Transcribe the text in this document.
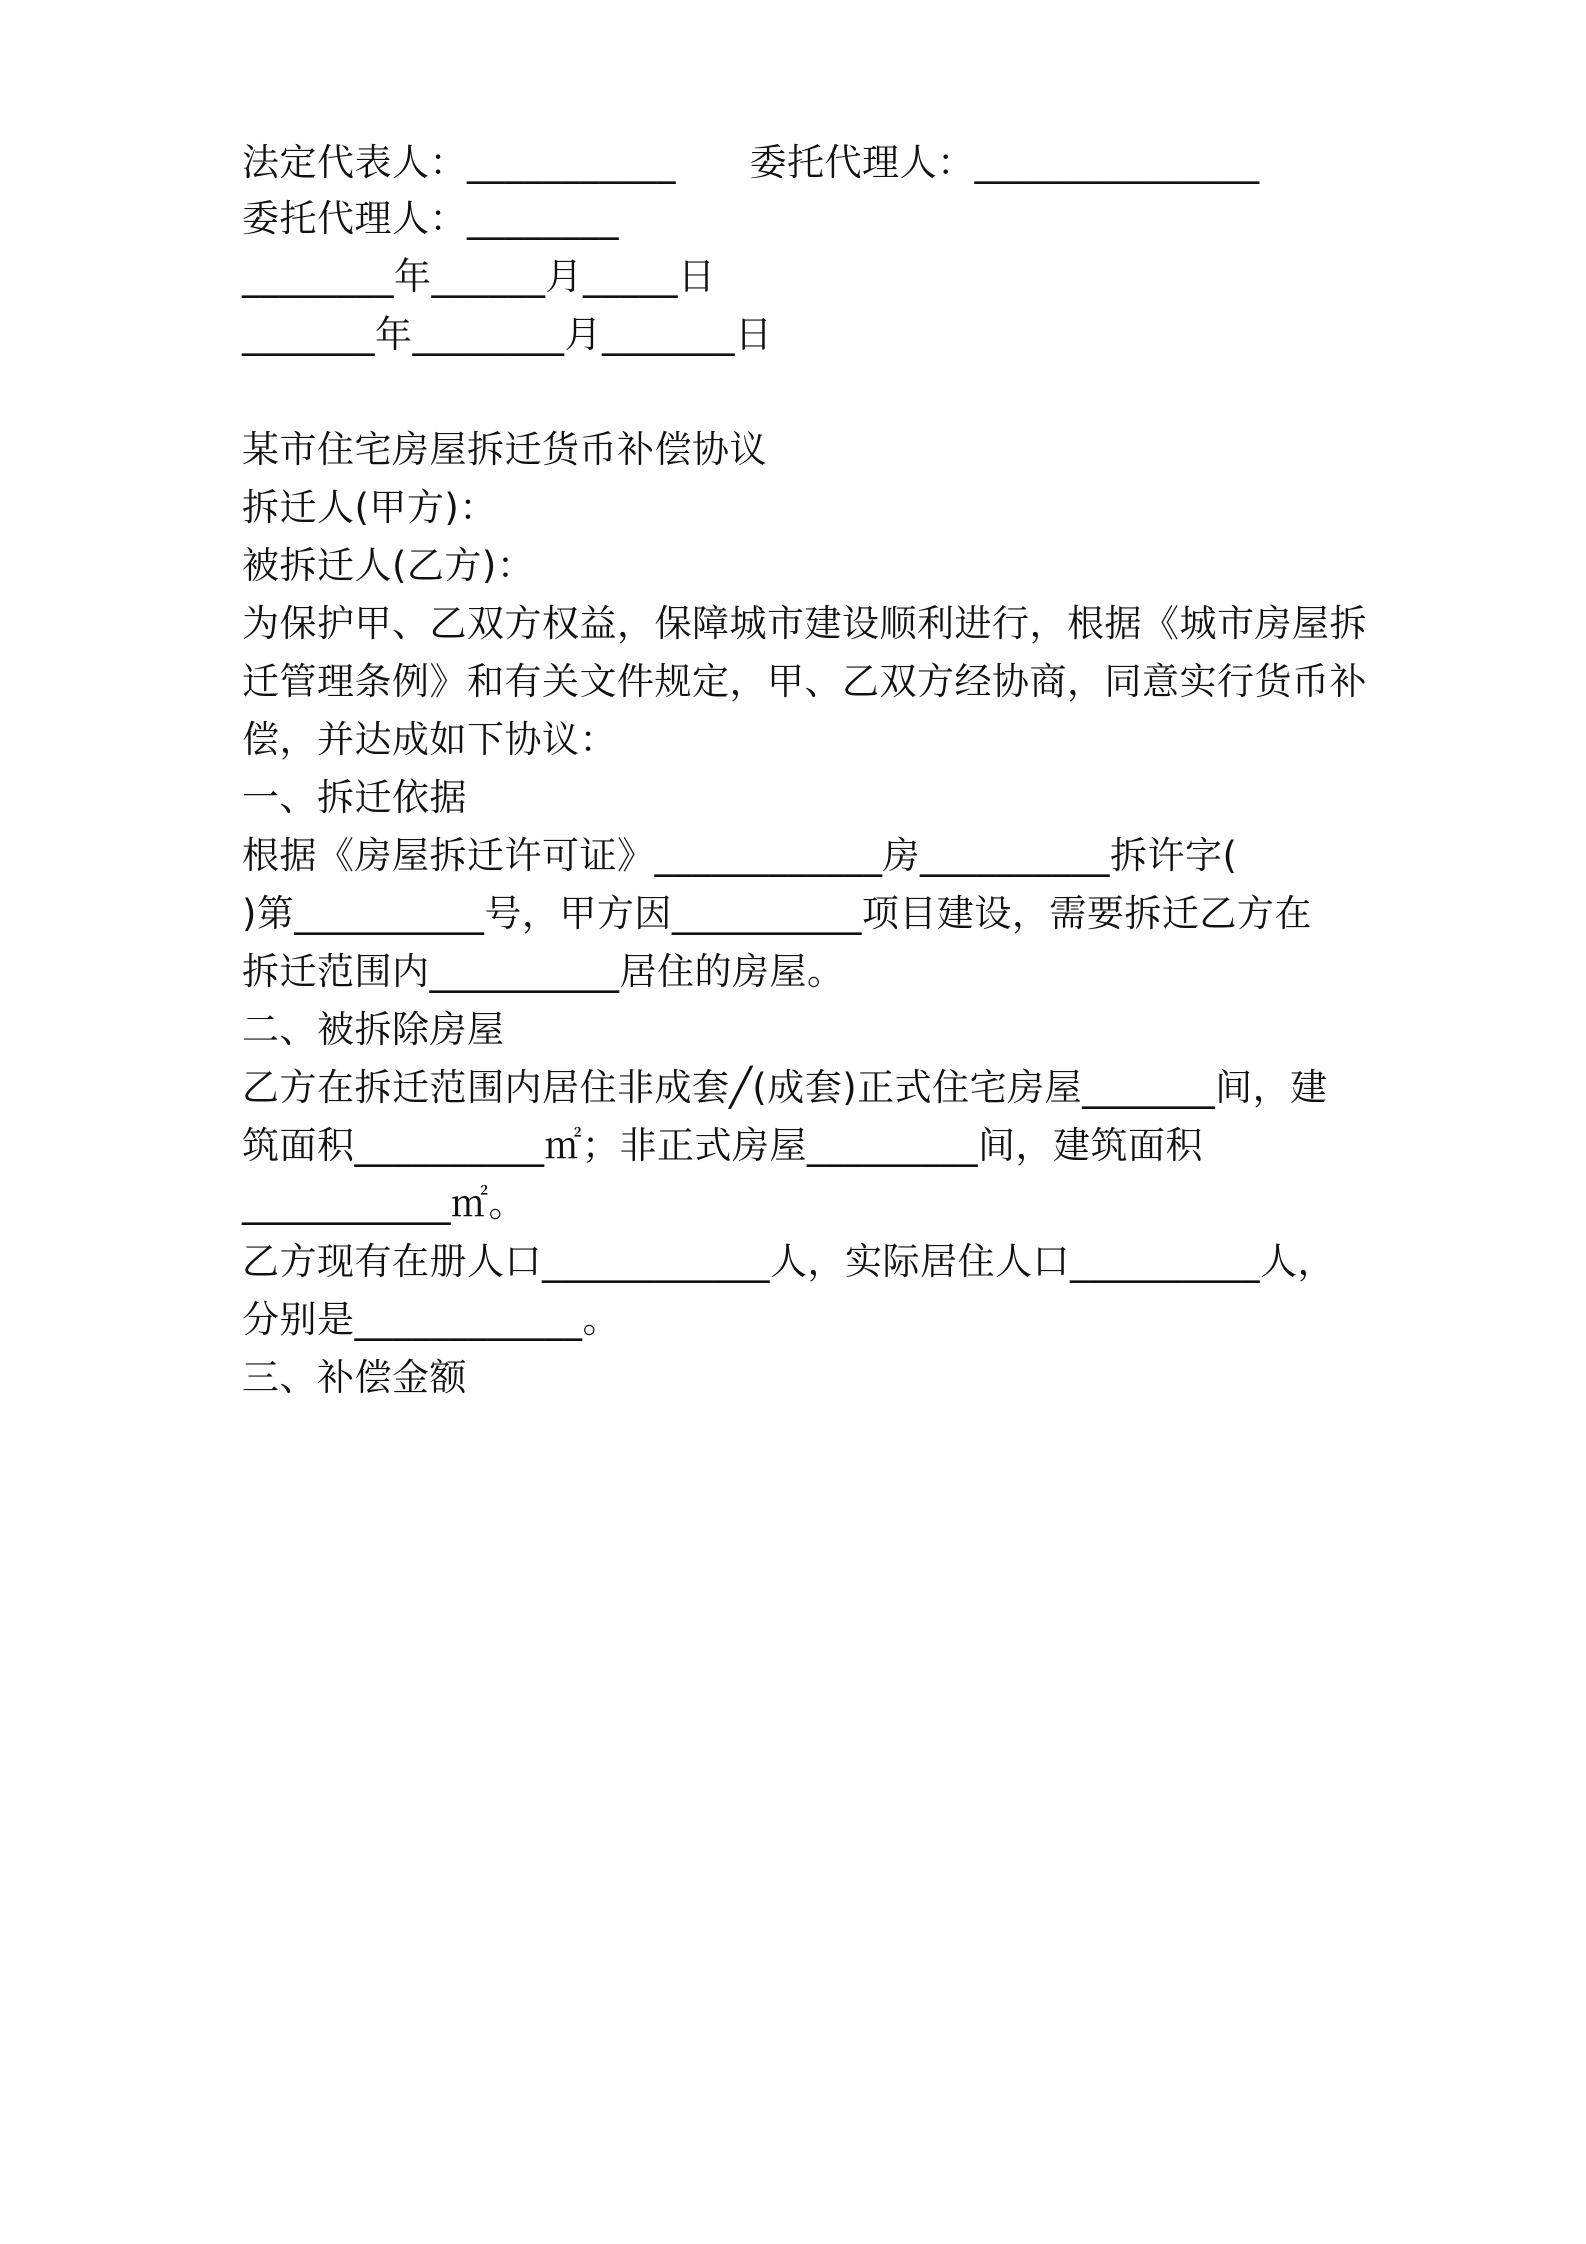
法定代表人：___________      委托代理人：_______________
委托代理人：________
________年______月_____日
_______年________月_______日
某市住宅房屋拆迁货币补偿协议
拆迁人(甲方)：
被拆迁人(乙方)：
为保护甲、乙双方权益，保障城市建设顺利进行，根据《城市房屋拆
迁管理条例》和有关文件规定，甲、乙双方经协商，同意实行货币补
偿，并达成如下协议：
一、拆迁依据
根据《房屋拆迁许可证》____________房__________拆许字(
)第__________号，甲方因__________项目建设，需要拆迁乙方在
拆迁范围内__________居住的房屋。
二、被拆除房屋
乙方在拆迁范围内居住非成套╱(成套)正式住宅房屋_______间，建
筑面积__________㎡；非正式房屋_________间，建筑面积
___________㎡。
乙方现有在册人口____________人，实际居住人口__________人，
分别是____________。
三、补偿金额
